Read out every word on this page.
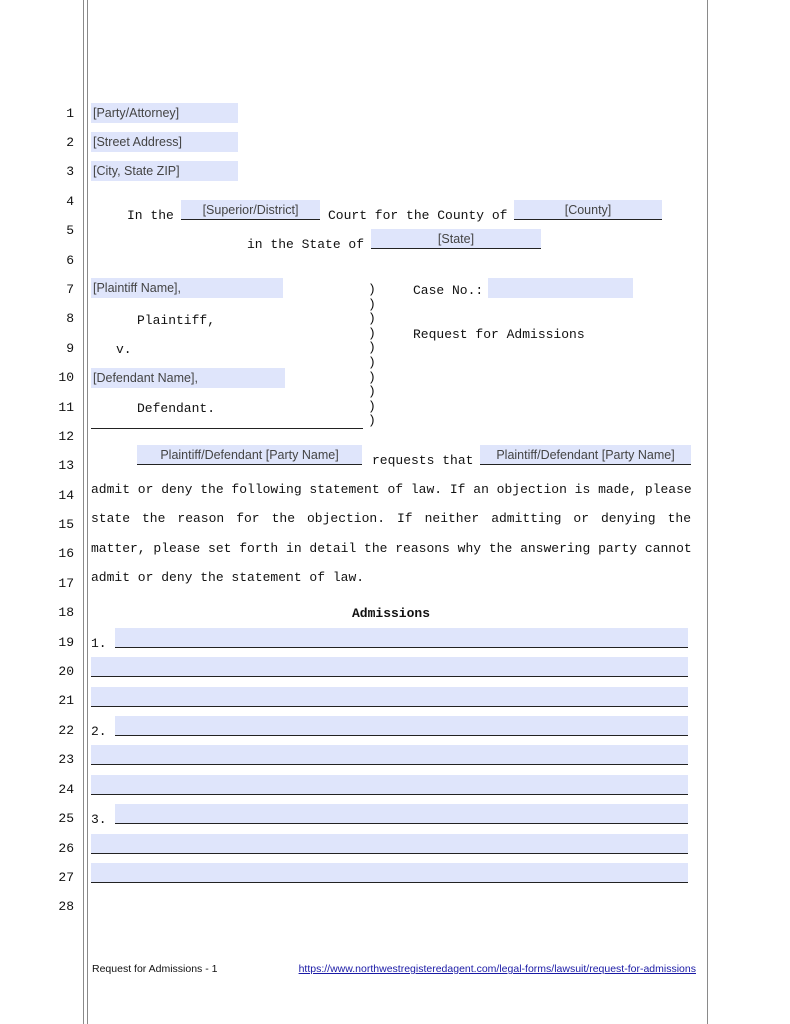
1
2
3
4
5
6
7
8
9
10
11
12
13
14
15
16
17
18
19
20
21
22
23
24
25
26
27
28
[Party/Attorney]
[Street Address]
[City, State ZIP]
In the
[Superior/District]	Court for the County of
[County]
in the State of
[State]
[Plaintiff Name],
Plaintiff,
v.
[Defendant Name],
Defendant.
)
)
)
)
)
)
)
)
)
)
Case No.:
Request for Admissions
Plaintiff/Defendant [Party Name]
requests that
Plaintiff/Defendant [Party Name]
admit or deny the following statement of law. If an objection is made, please
state the reason for the objection. If neither admitting or denying the
matter, please set forth in detail the reasons why the answering party cannot
admit or deny the statement of law.
Admissions
1.
2.
3.
Request for Admissions - 1	https://www.northwestregisteredagent.com/legal-forms/lawsuit/request-for-admissions
